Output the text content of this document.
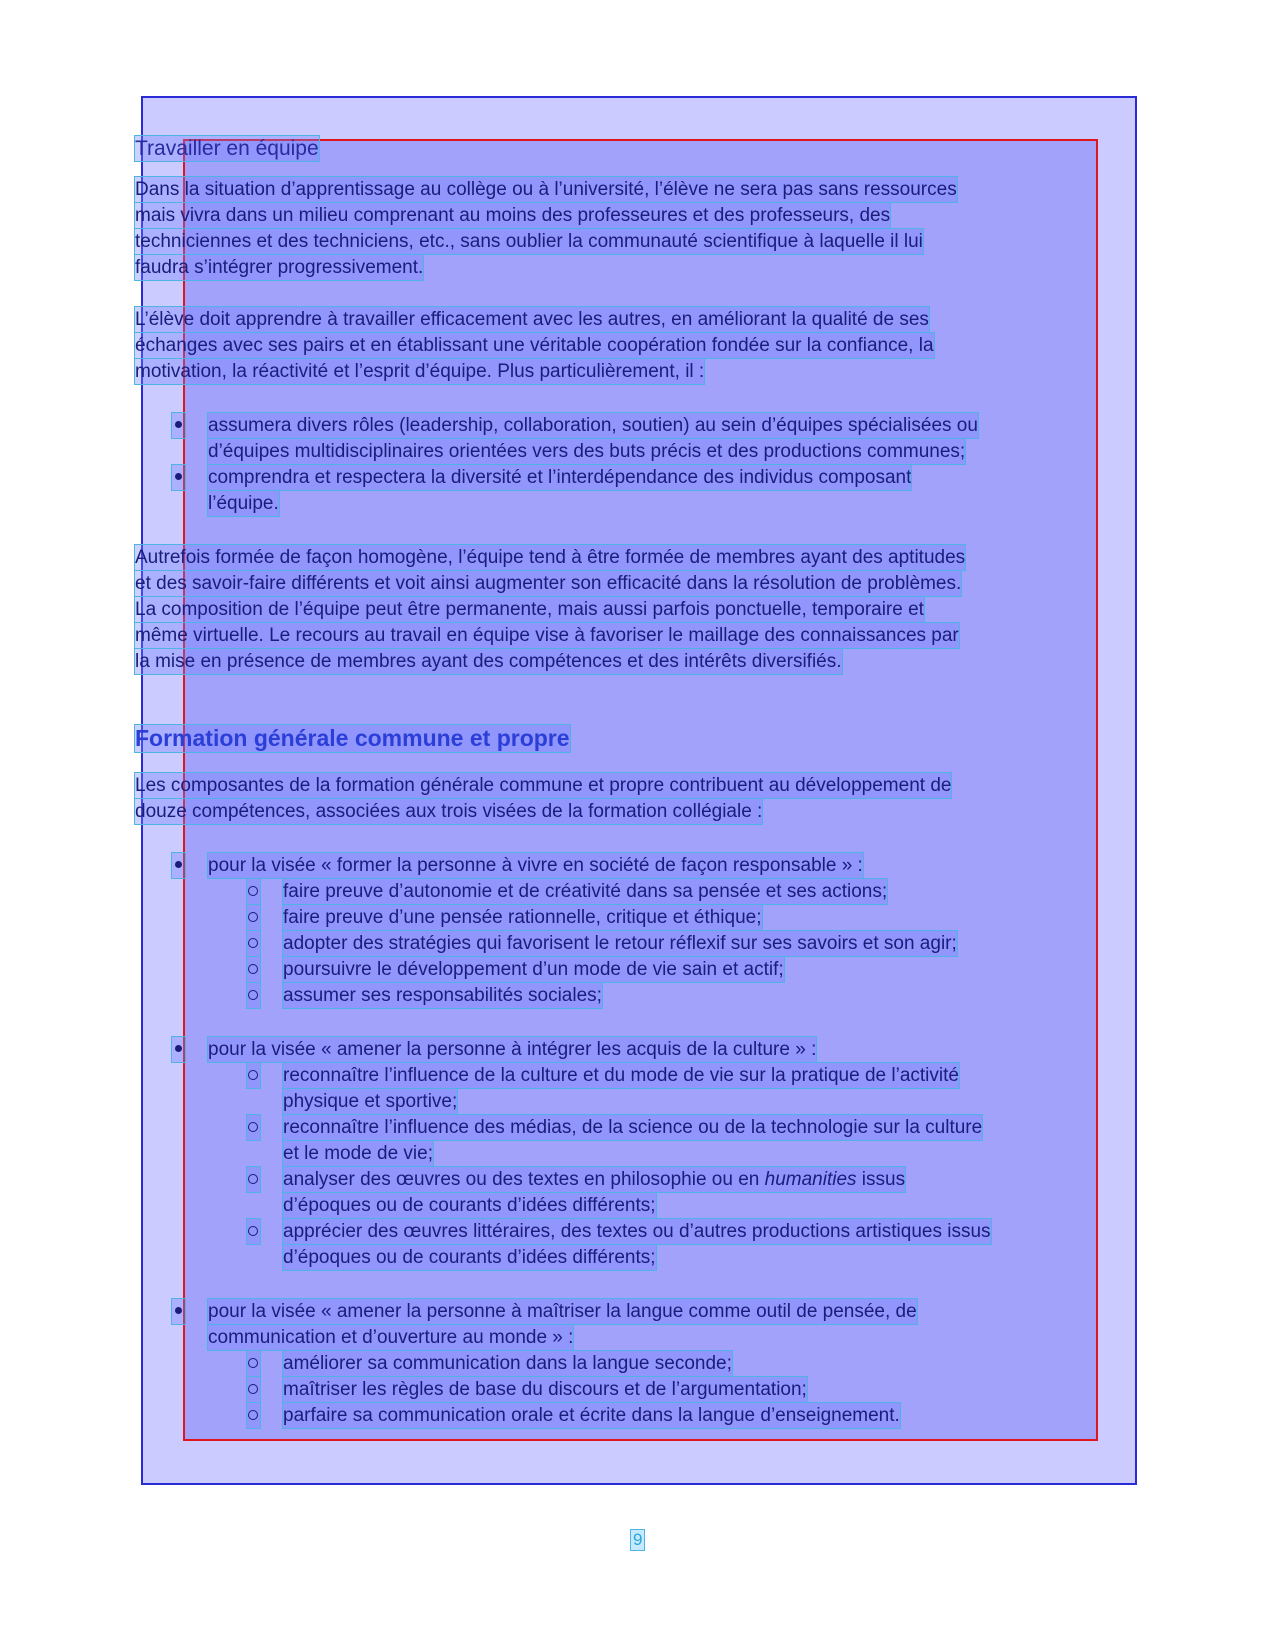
Travailler en équipe
Dans la situation d’apprentissage au collège ou à l’université, l’élève ne sera pas sans ressources
mais vivra dans un milieu comprenant au moins des professeures et des professeurs, des
techniciennes et des techniciens, etc., sans oublier la communauté scientifique à laquelle il lui
faudra s’intégrer progressivement.
L’élève doit apprendre à travailler efficacement avec les autres, en améliorant la qualité de ses
échanges avec ses pairs et en établissant une véritable coopération fondée sur la confiance, la
motivation, la réactivité et l’esprit d’équipe. Plus particulièrement, il :
assumera divers rôles (leadership, collaboration, soutien) au sein d’équipes spécialisées ou
d’équipes multidisciplinaires orientées vers des buts précis et des productions communes;
comprendra et respectera la diversité et l’interdépendance des individus composant
l’équipe.
Autrefois formée de façon homogène, l’équipe tend à être formée de membres ayant des aptitudes
et des savoir-faire différents et voit ainsi augmenter son efficacité dans la résolution de problèmes.
La composition de l’équipe peut être permanente, mais aussi parfois ponctuelle, temporaire et
même virtuelle. Le recours au travail en équipe vise à favoriser le maillage des connaissances par
la mise en présence de membres ayant des compétences et des intérêts diversifiés.
Formation générale commune et propre
Les composantes de la formation générale commune et propre contribuent au développement de
douze compétences, associées aux trois visées de la formation collégiale :
pour la visée « former la personne à vivre en société de façon responsable » :
faire preuve d’autonomie et de créativité dans sa pensée et ses actions;
faire preuve d’une pensée rationnelle, critique et éthique;
adopter des stratégies qui favorisent le retour réflexif sur ses savoirs et son agir;
poursuivre le développement d’un mode de vie sain et actif;
assumer ses responsabilités sociales;
pour la visée « amener la personne à intégrer les acquis de la culture » :
reconnaître l’influence de la culture et du mode de vie sur la pratique de l’activité
physique et sportive;
reconnaître l’influence des médias, de la science ou de la technologie sur la culture
et le mode de vie;
analyser des œuvres ou des textes en philosophie ou en humanities issus
d’époques ou de courants d’idées différents;
apprécier des œuvres littéraires, des textes ou d’autres productions artistiques issus
d’époques ou de courants d’idées différents;
pour la visée « amener la personne à maîtriser la langue comme outil de pensée, de
communication et d’ouverture au monde » :
améliorer sa communication dans la langue seconde;
maîtriser les règles de base du discours et de l’argumentation;
parfaire sa communication orale et écrite dans la langue d’enseignement.
9
